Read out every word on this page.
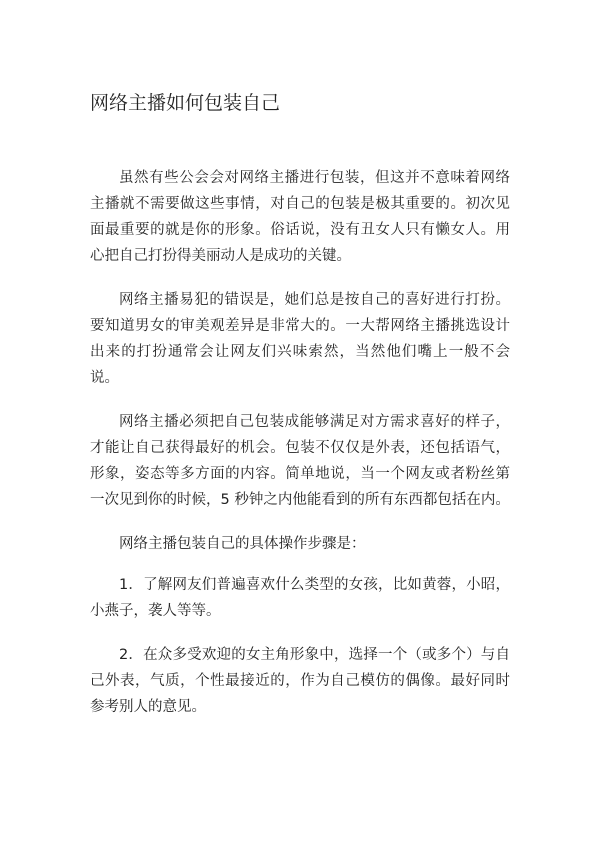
网络主播如何包装自己

虽然有些公会会对网络主播进行包装，但这并不意味着网络主播就不需要做这些事情，对自己的包装是极其重要的。初次见面最重要的就是你的形象。俗话说，没有丑女人只有懒女人。用心把自己打扮得美丽动人是成功的关键。

网络主播易犯的错误是，她们总是按自己的喜好进行打扮。要知道男女的审美观差异是非常大的。一大帮网络主播挑选设计出来的打扮通常会让网友们兴味索然，当然他们嘴上一般不会说。

网络主播必须把自己包装成能够满足对方需求喜好的样子，才能让自己获得最好的机会。包装不仅仅是外表，还包括语气，形象，姿态等多方面的内容。简单地说，当一个网友或者粉丝第一次见到你的时候，5 秒钟之内他能看到的所有东西都包括在内。

网络主播包装自己的具体操作步骤是：

1．了解网友们普遍喜欢什么类型的女孩，比如黄蓉，小昭，小燕子，袭人等等。

2．在众多受欢迎的女主角形象中，选择一个（或多个）与自己外表，气质，个性最接近的，作为自己模仿的偶像。最好同时参考别人的意见。
